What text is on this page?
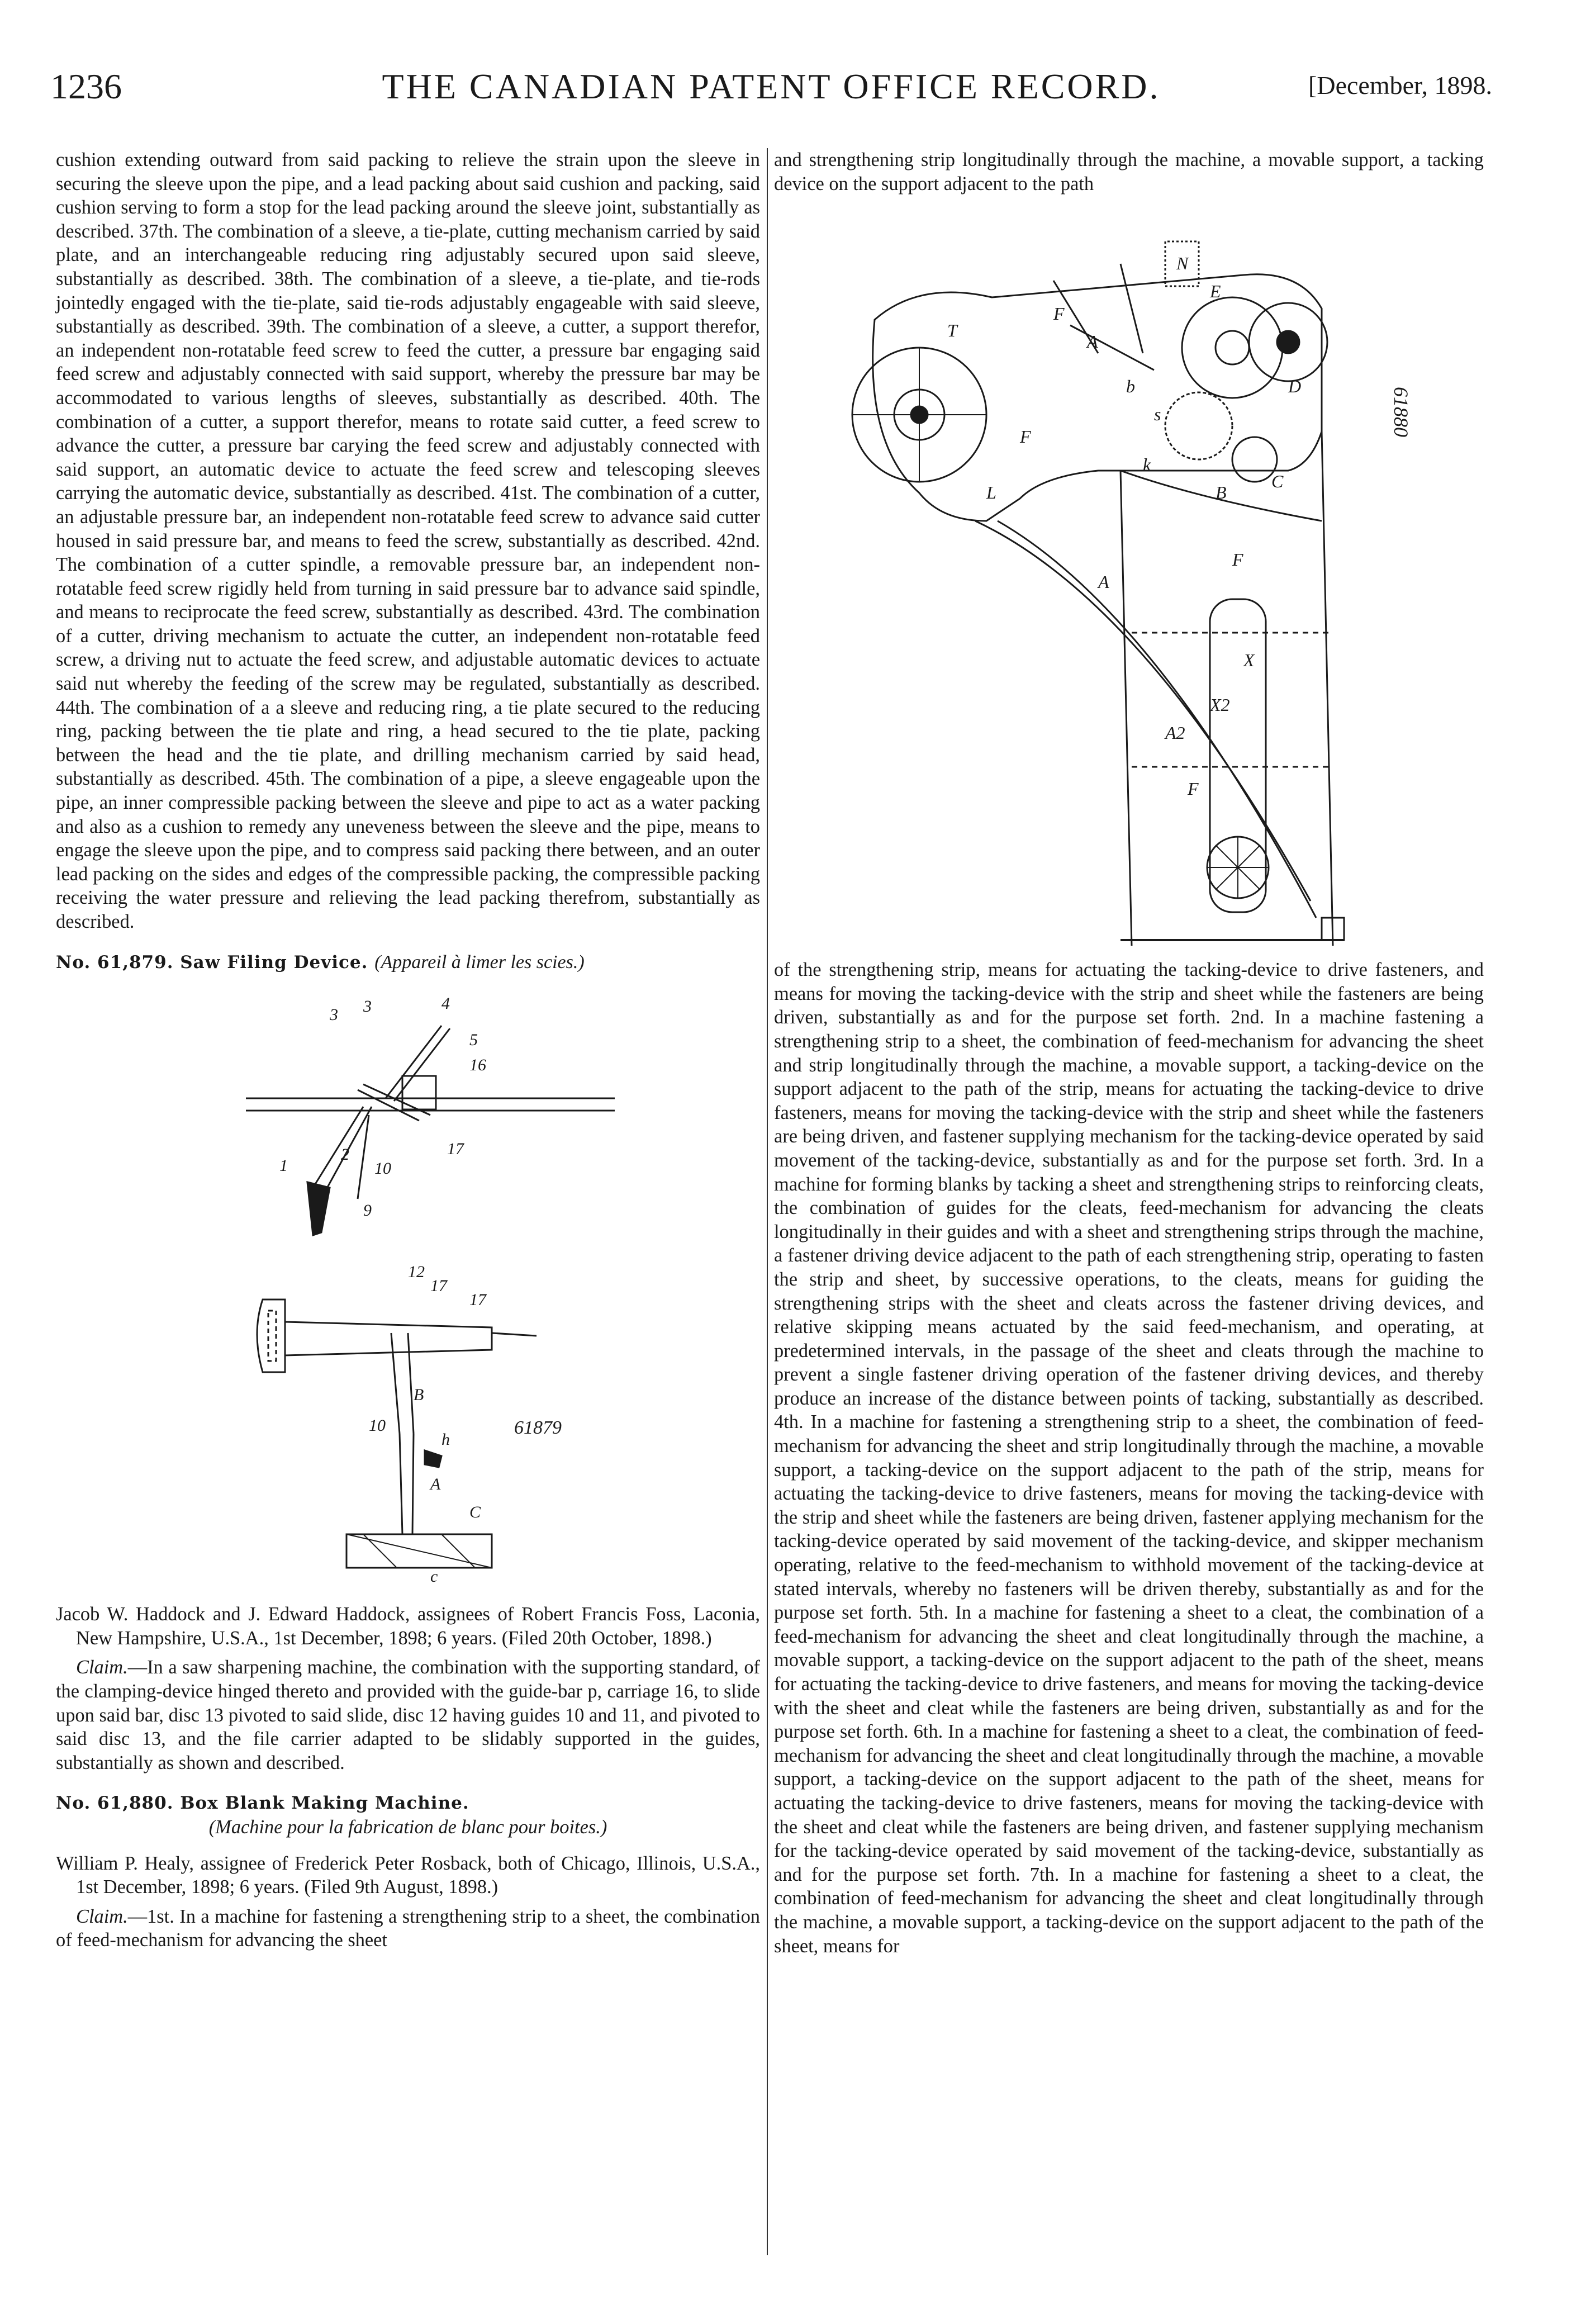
1236	THE CANADIAN PATENT OFFICE RECORD.	[December, 1898.

cushion extending outward from said packing to relieve the strain upon the sleeve in securing the sleeve upon the pipe, and a lead packing about said cushion and packing, said cushion serving to form a stop for the lead packing around the sleeve joint, substantially as described. 37th. The combination of a sleeve, a tie-plate, cutting mechanism carried by said plate, and an interchangeable reducing ring adjustably secured upon said sleeve, substantially as described. 38th. The combination of a sleeve, a tie-plate, and tie-rods jointedly engaged with the tie-plate, said tie-rods adjustably engageable with said sleeve, substantially as described. 39th. The combination of a sleeve, a cutter, a support therefor, an independent non-rotatable feed screw to feed the cutter, a pressure bar engaging said feed screw and adjustably connected with said support, whereby the pressure bar may be accommodated to various lengths of sleeves, substantially as described. 40th. The combination of a cutter, a support therefor, means to rotate said cutter, a feed screw to advance the cutter, a pressure bar carying the feed screw and adjustably connected with said support, an automatic device to actuate the feed screw and telescoping sleeves carrying the automatic device, substantially as described. 41st. The combination of a cutter, an adjustable pressure bar, an independent non-rotatable feed screw to advance said cutter housed in said pressure bar, and means to feed the screw, substantially as described. 42nd. The combination of a cutter spindle, a removable pressure bar, an independent non-rotatable feed screw rigidly held from turning in said pressure bar to advance said spindle, and means to reciprocate the feed screw, substantially as described. 43rd. The combination of a cutter, driving mechanism to actuate the cutter, an independent non-rotatable feed screw, a driving nut to actuate the feed screw, and adjustable automatic devices to actuate said nut whereby the feeding of the screw may be regulated, substantially as described. 44th. The combination of a a sleeve and reducing ring, a tie plate secured to the reducing ring, packing between the tie plate and ring, a head secured to the tie plate, packing between the head and the tie plate, and drilling mechanism carried by said head, substantially as described. 45th. The combination of a pipe, a sleeve engageable upon the pipe, an inner compressible packing between the sleeve and pipe to act as a water packing and also as a cushion to remedy any uneveness between the sleeve and the pipe, means to engage the sleeve upon the pipe, and to compress said packing there between, and an outer lead packing on the sides and edges of the compressible packing, the compressible packing receiving the water pressure and relieving the lead packing therefrom, substantially as described.

No. 61,879. Saw Filing Device. (Appareil à limer les scies.)
3 3	4
5
16
1
2
10
17
9
12
17
17
B
10
h
A
C
c
61879

Jacob W. Haddock and J. Edward Haddock, assignees of Robert Francis Foss, Laconia, New Hampshire, U.S.A., 1st December, 1898; 6 years. (Filed 20th October, 1898.)

Claim.—In a saw sharpening machine, the combination with the supporting standard, of the clamping-device hinged thereto and provided with the guide-bar p, carriage 16, to slide upon said bar, disc 13 pivoted to said slide, disc 12 having guides 10 and 11, and pivoted to said disc 13, and the file carrier adapted to be slidably supported in the guides, substantially as shown and described.

No. 61,880. Box Blank Making Machine.

(Machine pour la fabrication de blanc pour boites.)

William P. Healy, assignee of Frederick Peter Rosback, both of Chicago, Illinois, U.S.A., 1st December, 1898; 6 years. (Filed 9th August, 1898.)

Claim.—1st. In a machine for fastening a strengthening strip to a sheet, the combination of feed-mechanism for advancing the sheet

and strengthening strip longitudinally through the machine, a movable support, a tacking device on the support adjacent to the path

T
F
A
N
b
s
F
A
A2
F
F
X2
X
C
B
k
L
D
E
61880

of the strengthening strip, means for actuating the tacking-device to drive fasteners, and means for moving the tacking-device with the strip and sheet while the fasteners are being driven, substantially as and for the purpose set forth. 2nd. In a machine fastening a strengthening strip to a sheet, the combination of feed-mechanism for advancing the sheet and strip longitudinally through the machine, a movable support, a tacking-device on the support adjacent to the path of the strip, means for actuating the tacking-device to drive fasteners, means for moving the tacking-device with the strip and sheet while the fasteners are being driven, and fastener supplying mechanism for the tacking-device operated by said movement of the tacking-device, substantially as and for the purpose set forth. 3rd. In a machine for forming blanks by tacking a sheet and strengthening strips to reinforcing cleats, the combination of guides for the cleats, feed-mechanism for advancing the cleats longitudinally in their guides and with a sheet and strengthening strips through the machine, a fastener driving device adjacent to the path of each strengthening strip, operating to fasten the strip and sheet, by successive operations, to the cleats, means for guiding the strengthening strips with the sheet and cleats across the fastener driving devices, and relative skipping means actuated by the said feed-mechanism, and operating, at predetermined intervals, in the passage of the sheet and cleats through the machine to prevent a single fastener driving operation of the fastener driving devices, and thereby produce an increase of the distance between points of tacking, substantially as described. 4th. In a machine for fastening a strengthening strip to a sheet, the combination of feed-mechanism for advancing the sheet and strip longitudinally through the machine, a movable support, a tacking-device on the support adjacent to the path of the strip, means for actuating the tacking-device to drive fasteners, means for moving the tacking-device with the strip and sheet while the fasteners are being driven, fastener applying mechanism for the tacking-device operated by said movement of the tacking-device, and skipper mechanism operating, relative to the feed-mechanism to withhold movement of the tacking-device at stated intervals, whereby no fasteners will be driven thereby, substantially as and for the purpose set forth. 5th. In a machine for fastening a sheet to a cleat, the combination of a feed-mechanism for advancing the sheet and cleat longitudinally through the machine, a movable support, a tacking-device on the support adjacent to the path of the sheet, means for actuating the tacking-device to drive fasteners, and means for moving the tacking-device with the sheet and cleat while the fasteners are being driven, substantially as and for the purpose set forth. 6th. In a machine for fastening a sheet to a cleat, the combination of feed-mechanism for advancing the sheet and cleat longitudinally through the machine, a movable support, a tacking-device on the support adjacent to the path of the sheet, means for actuating the tacking-device to drive fasteners, means for moving the tacking-device with the sheet and cleat while the fasteners are being driven, and fastener supplying mechanism for the tacking-device operated by said movement of the tacking-device, substantially as and for the purpose set forth. 7th. In a machine for fastening a sheet to a cleat, the combination of feed-mechanism for advancing the sheet and cleat longitudinally through the machine, a movable support, a tacking-device on the support adjacent to the path of the sheet, means for
